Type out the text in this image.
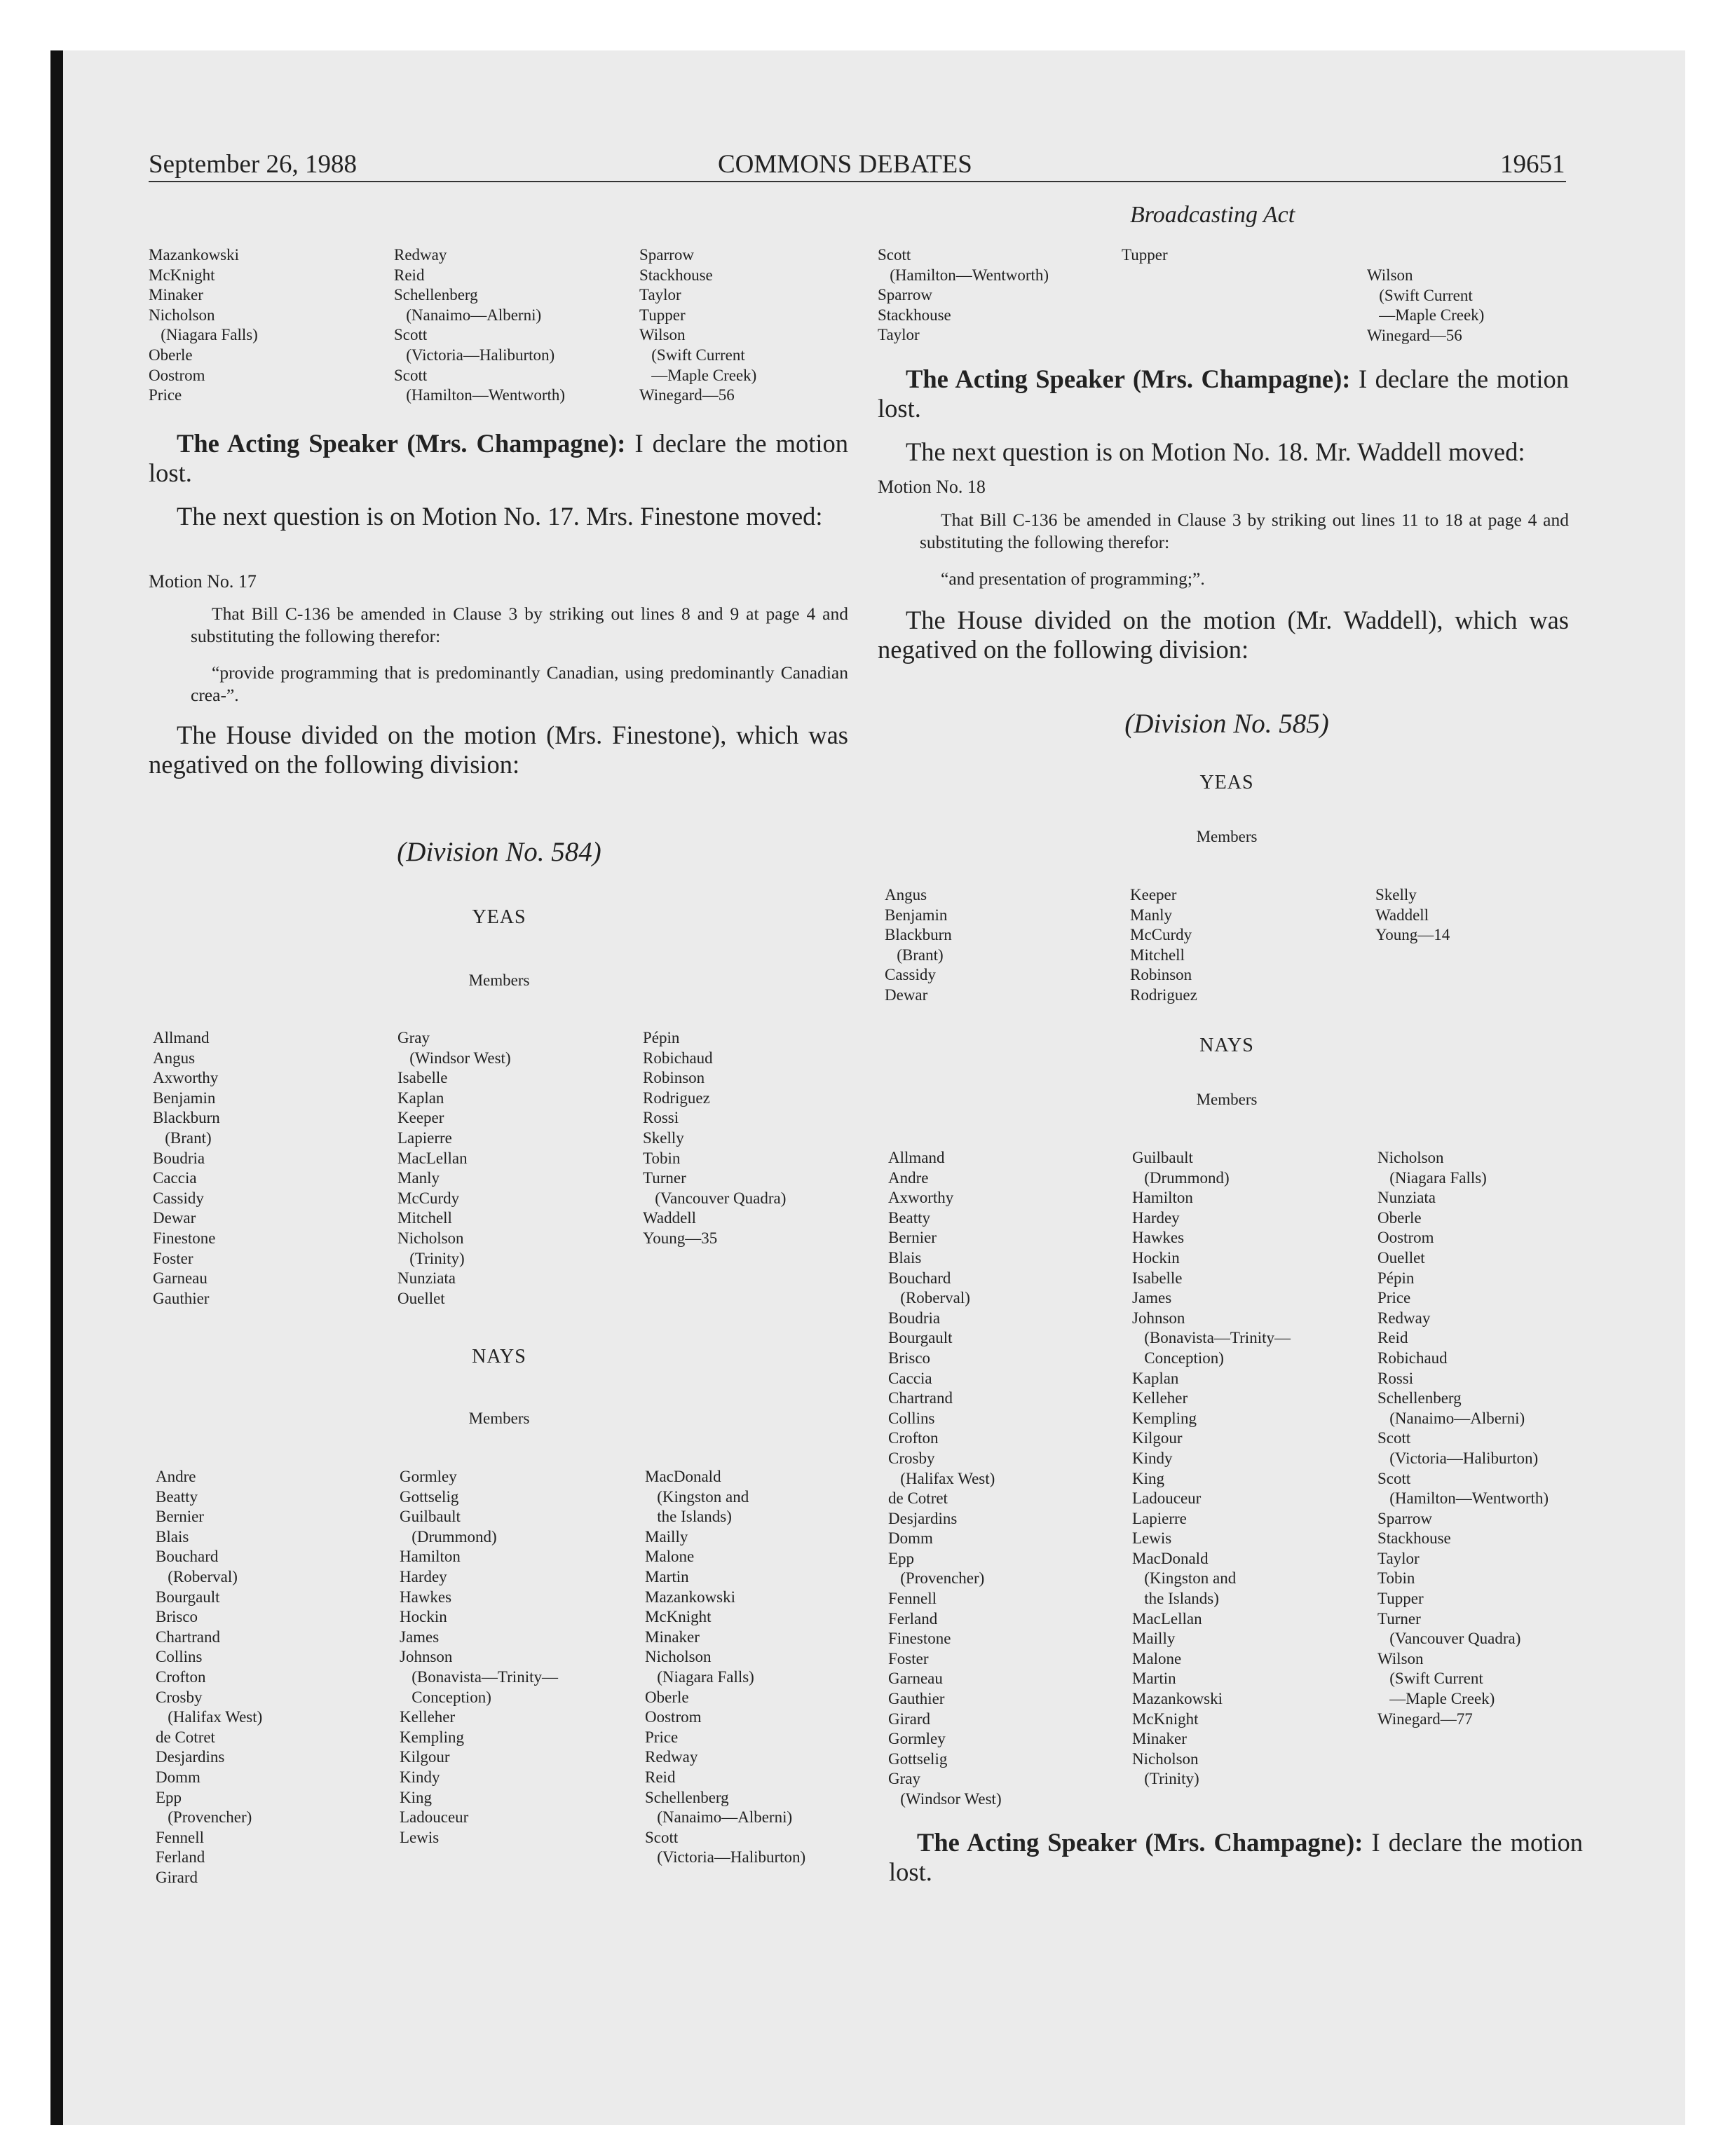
September 26, 1988	COMMONS DEBATES	19651
Broadcasting Act
Mazankowski
McKnight
Minaker
Nicholson
(Niagara Falls)
Oberle
Oostrom
Price
Redway
Reid
Schellenberg
(Nanaimo—Alberni)
Scott
(Victoria—Haliburton)
Scott
(Hamilton—Wentworth)
Sparrow
Stackhouse
Taylor
Tupper
Wilson
(Swift Current
—Maple Creek)
Winegard—56
The Acting Speaker (Mrs. Champagne): I declare the motion lost.
The next question is on Motion No. 17. Mrs. Finestone moved:
Motion No. 17
That Bill C-136 be amended in Clause 3 by striking out lines 8 and 9 at page 4 and substituting the following therefor:
“provide programming that is predominantly Canadian, using predominantly Canadian crea-”.
The House divided on the motion (Mrs. Finestone), which was negatived on the following division:
(Division No. 584)
YEAS
Members
Allmand
Angus
Axworthy
Benjamin
Blackburn
(Brant)
Boudria
Caccia
Cassidy
Dewar
Finestone
Foster
Garneau
Gauthier
Gray
(Windsor West)
Isabelle
Kaplan
Keeper
Lapierre
MacLellan
Manly
McCurdy
Mitchell
Nicholson
(Trinity)
Nunziata
Ouellet
Pépin
Robichaud
Robinson
Rodriguez
Rossi
Skelly
Tobin
Turner
(Vancouver Quadra)
Waddell
Young—35
NAYS
Members
Andre
Beatty
Bernier
Blais
Bouchard
(Roberval)
Bourgault
Brisco
Chartrand
Collins
Crofton
Crosby
(Halifax West)
de Cotret
Desjardins
Domm
Epp
(Provencher)
Fennell
Ferland
Girard
Gormley
Gottselig
Guilbault
(Drummond)
Hamilton
Hardey
Hawkes
Hockin
James
Johnson
(Bonavista—Trinity—
Conception)
Kelleher
Kempling
Kilgour
Kindy
King
Ladouceur
Lewis
MacDonald
(Kingston and
the Islands)
Mailly
Malone
Martin
Mazankowski
McKnight
Minaker
Nicholson
(Niagara Falls)
Oberle
Oostrom
Price
Redway
Reid
Schellenberg
(Nanaimo—Alberni)
Scott
(Victoria—Haliburton)
Scott
(Hamilton—Wentworth)
Sparrow
Stackhouse
Taylor
Tupper
Wilson
(Swift Current
—Maple Creek)
Winegard—56
The Acting Speaker (Mrs. Champagne): I declare the motion lost.
The next question is on Motion No. 18. Mr. Waddell moved:
Motion No. 18
That Bill C-136 be amended in Clause 3 by striking out lines 11 to 18 at page 4 and substituting the following therefor:
“and presentation of programming;”.
The House divided on the motion (Mr. Waddell), which was negatived on the following division:
(Division No. 585)
YEAS
Members
Angus
Benjamin
Blackburn
(Brant)
Cassidy
Dewar
Keeper
Manly
McCurdy
Mitchell
Robinson
Rodriguez
Skelly
Waddell
Young—14
NAYS
Members
Allmand
Andre
Axworthy
Beatty
Bernier
Blais
Bouchard
(Roberval)
Boudria
Bourgault
Brisco
Caccia
Chartrand
Collins
Crofton
Crosby
(Halifax West)
de Cotret
Desjardins
Domm
Epp
(Provencher)
Fennell
Ferland
Finestone
Foster
Garneau
Gauthier
Girard
Gormley
Gottselig
Gray
(Windsor West)
Guilbault
(Drummond)
Hamilton
Hardey
Hawkes
Hockin
Isabelle
James
Johnson
(Bonavista—Trinity—
Conception)
Kaplan
Kelleher
Kempling
Kilgour
Kindy
King
Ladouceur
Lapierre
Lewis
MacDonald
(Kingston and
the Islands)
MacLellan
Mailly
Malone
Martin
Mazankowski
McKnight
Minaker
Nicholson
(Trinity)
Nicholson
(Niagara Falls)
Nunziata
Oberle
Oostrom
Ouellet
Pépin
Price
Redway
Reid
Robichaud
Rossi
Schellenberg
(Nanaimo—Alberni)
Scott
(Victoria—Haliburton)
Scott
(Hamilton—Wentworth)
Sparrow
Stackhouse
Taylor
Tobin
Tupper
Turner
(Vancouver Quadra)
Wilson
(Swift Current
—Maple Creek)
Winegard—77
The Acting Speaker (Mrs. Champagne): I declare the motion lost.
